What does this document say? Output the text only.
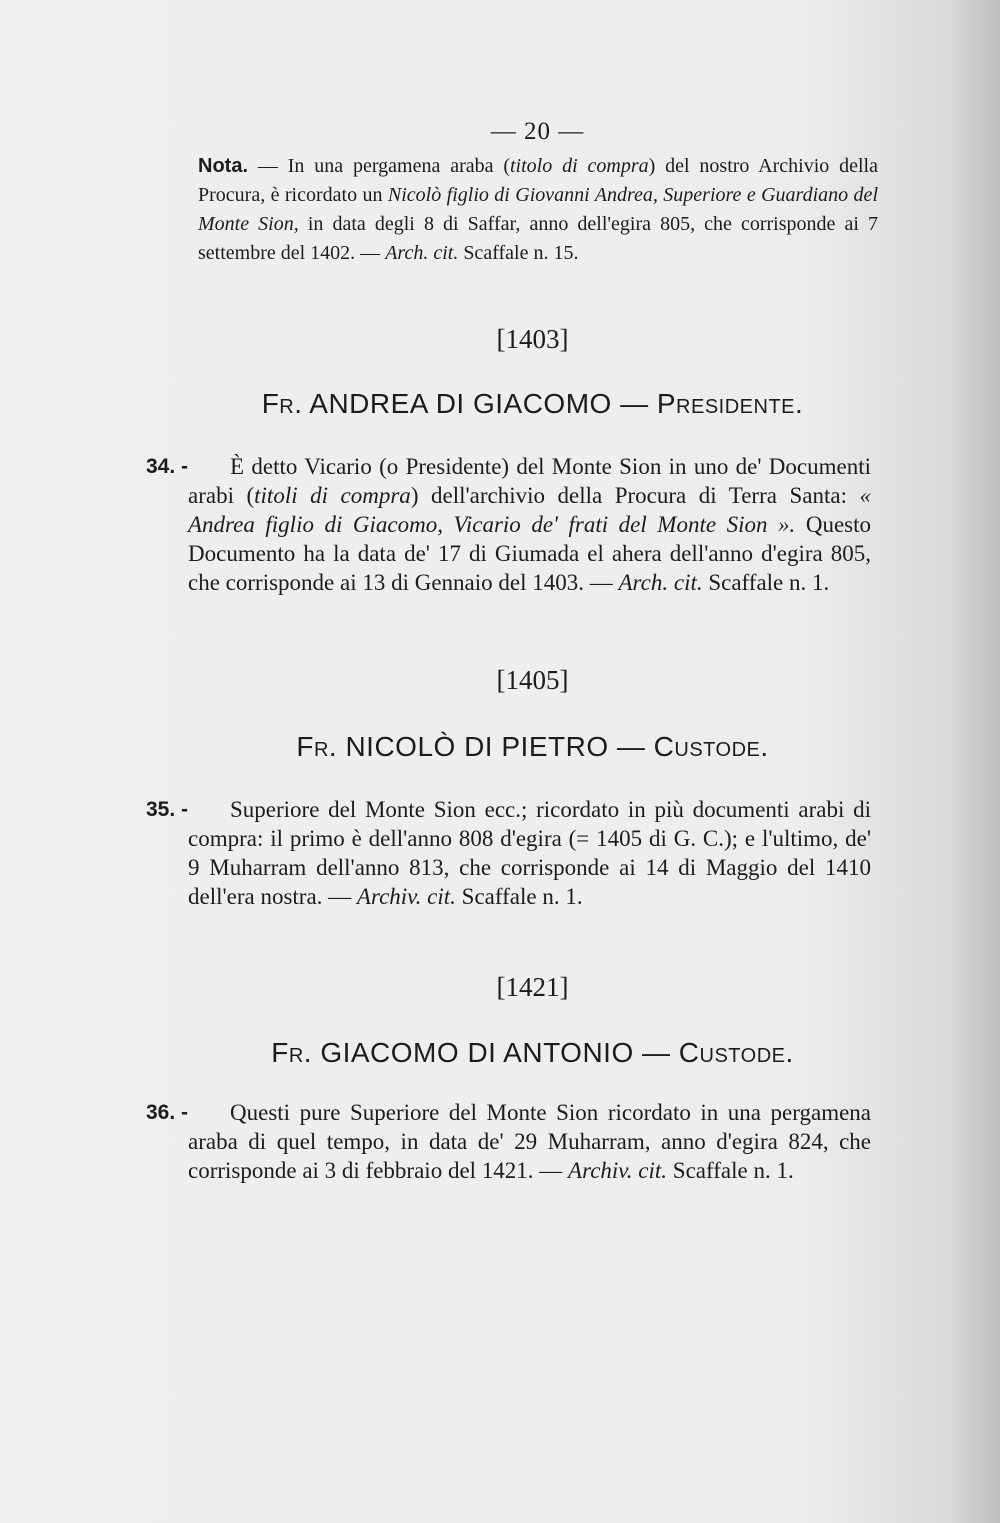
— 20 —

Nota. — In una pergamena araba (titolo di compra) del nostro Archivio della Procura, è ricordato un Nicolò figlio di Giovanni Andrea, Superiore e Guardiano del Monte Sion, in data degli 8 di Saffar, anno dell'egira 805, che corrisponde ai 7 settembre del 1402. — Arch. cit. Scaffale n. 15.

[1403]
Fr. ANDREA DI GIACOMO — Presidente.
34. -	È detto Vicario (o Presidente) del Monte Sion in uno de' Documenti arabi (titoli di compra) dell'archivio della Procura di Terra Santa: « Andrea figlio di Giacomo, Vicario de' frati del Monte Sion ». Questo Documento ha la data de' 17 di Giumada el ahera dell'anno d'egira 805, che corrisponde ai 13 di Gennaio del 1403. — Arch. cit. Scaffale n. 1.
[1405]
Fr. NICOLÒ DI PIETRO — Custode.
35. -	Superiore del Monte Sion ecc.; ricordato in più documenti arabi di compra: il primo è dell'anno 808 d'egira (= 1405 di G. C.); e l'ultimo, de' 9 Muharram dell'anno 813, che corrisponde ai 14 di Maggio del 1410 dell'era nostra. — Archiv. cit. Scaffale n. 1.
[1421]
Fr. GIACOMO DI ANTONIO — Custode.
36. -	Questi pure Superiore del Monte Sion ricordato in una pergamena araba di quel tempo, in data de' 29 Muharram, anno d'egira 824, che corrisponde ai 3 di febbraio del 1421. — Archiv. cit. Scaffale n. 1.
